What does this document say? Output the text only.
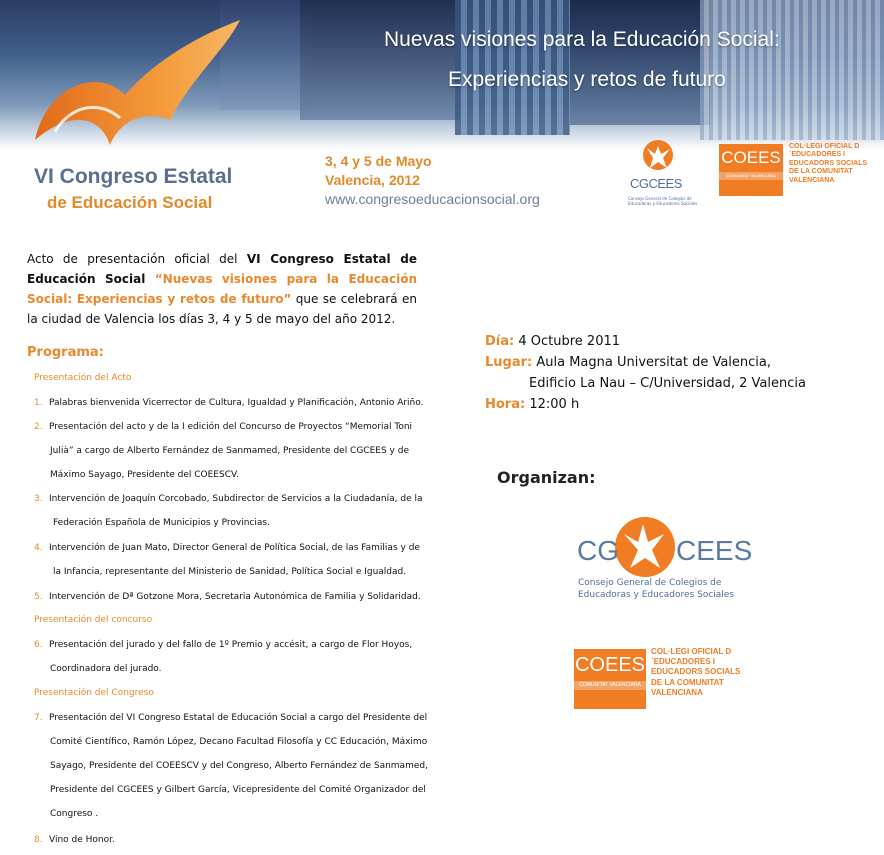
Nuevas visiones para la Educación Social:
Experiencias y retos de futuro
VI Congreso Estatal
de Educación Social
3, 4 y 5 de Mayo
Valencia, 2012
www.congresoeducacionsocial.org
CGCEES
Consejo General de Colegios de Educadoras y Educadores Sociales
COEES
COMUNITAT VALENCIANA
COL·LEGI OFICIAL D´EDUCADORES I EDUCADORS SOCIALS DE LA COMUNITAT VALENCIANA
Acto de presentación oficial del VI Congreso Estatal de Educación Social “Nuevas visiones para la Educación Social: Experiencias y retos de futuro” que se celebrará en la ciudad de Valencia los días 3, 4 y 5 de mayo del año 2012.
Programa:
Presentación del Acto
1. Palabras bienvenida Vicerrector de Cultura, Igualdad y Planificación, Antonio Ariño.
2. Presentación del acto y de la I edición del Concurso de Proyectos “Memorial Toni
Julià” a cargo de Alberto Fernández de Sanmamed, Presidente del CGCEES y de
Máximo Sayago, Presidente del COEESCV.
3. Intervención de Joaquín Corcobado, Subdirector de Servicios a la Ciudadanía, de la
Federación Española de Municipios y Provincias.
4. Intervención de Juan Mato, Director General de Política Social, de las Familias y de
la Infancia, representante del Ministerio de Sanidad, Política Social e Igualdad.
5. Intervención de Dª Gotzone Mora, Secretaria Autonómica de Familia y Solidaridad.
Presentación del concurso
6. Presentación del jurado y del fallo de 1º Premio y accésit, a cargo de Flor Hoyos,
Coordinadora del jurado.
Presentación del Congreso
7. Presentación del VI Congreso Estatal de Educación Social a cargo del Presidente del
Comité Científico, Ramón López, Decano Facultad Filosofía y CC Educación, Máximo
Sayago, Presidente del COEESCV y del Congreso, Alberto Fernández de Sanmamed,
Presidente del CGCEES y Gilbert García, Vicepresidente del Comité Organizador del
Congreso .
8. Vino de Honor.
Día: 4 Octubre 2011
Lugar: Aula Magna Universitat de Valencia,
Edificio La Nau – C/Universidad, 2 Valencia
Hora: 12:00 h
Organizan:
CG CEES
Consejo General de Colegios de
Educadoras y Educadores Sociales
COEES
COMUNITAT VALENCIANA
COL·LEGI OFICIAL D´EDUCADORES I EDUCADORS SOCIALS DE LA COMUNITAT VALENCIANA
